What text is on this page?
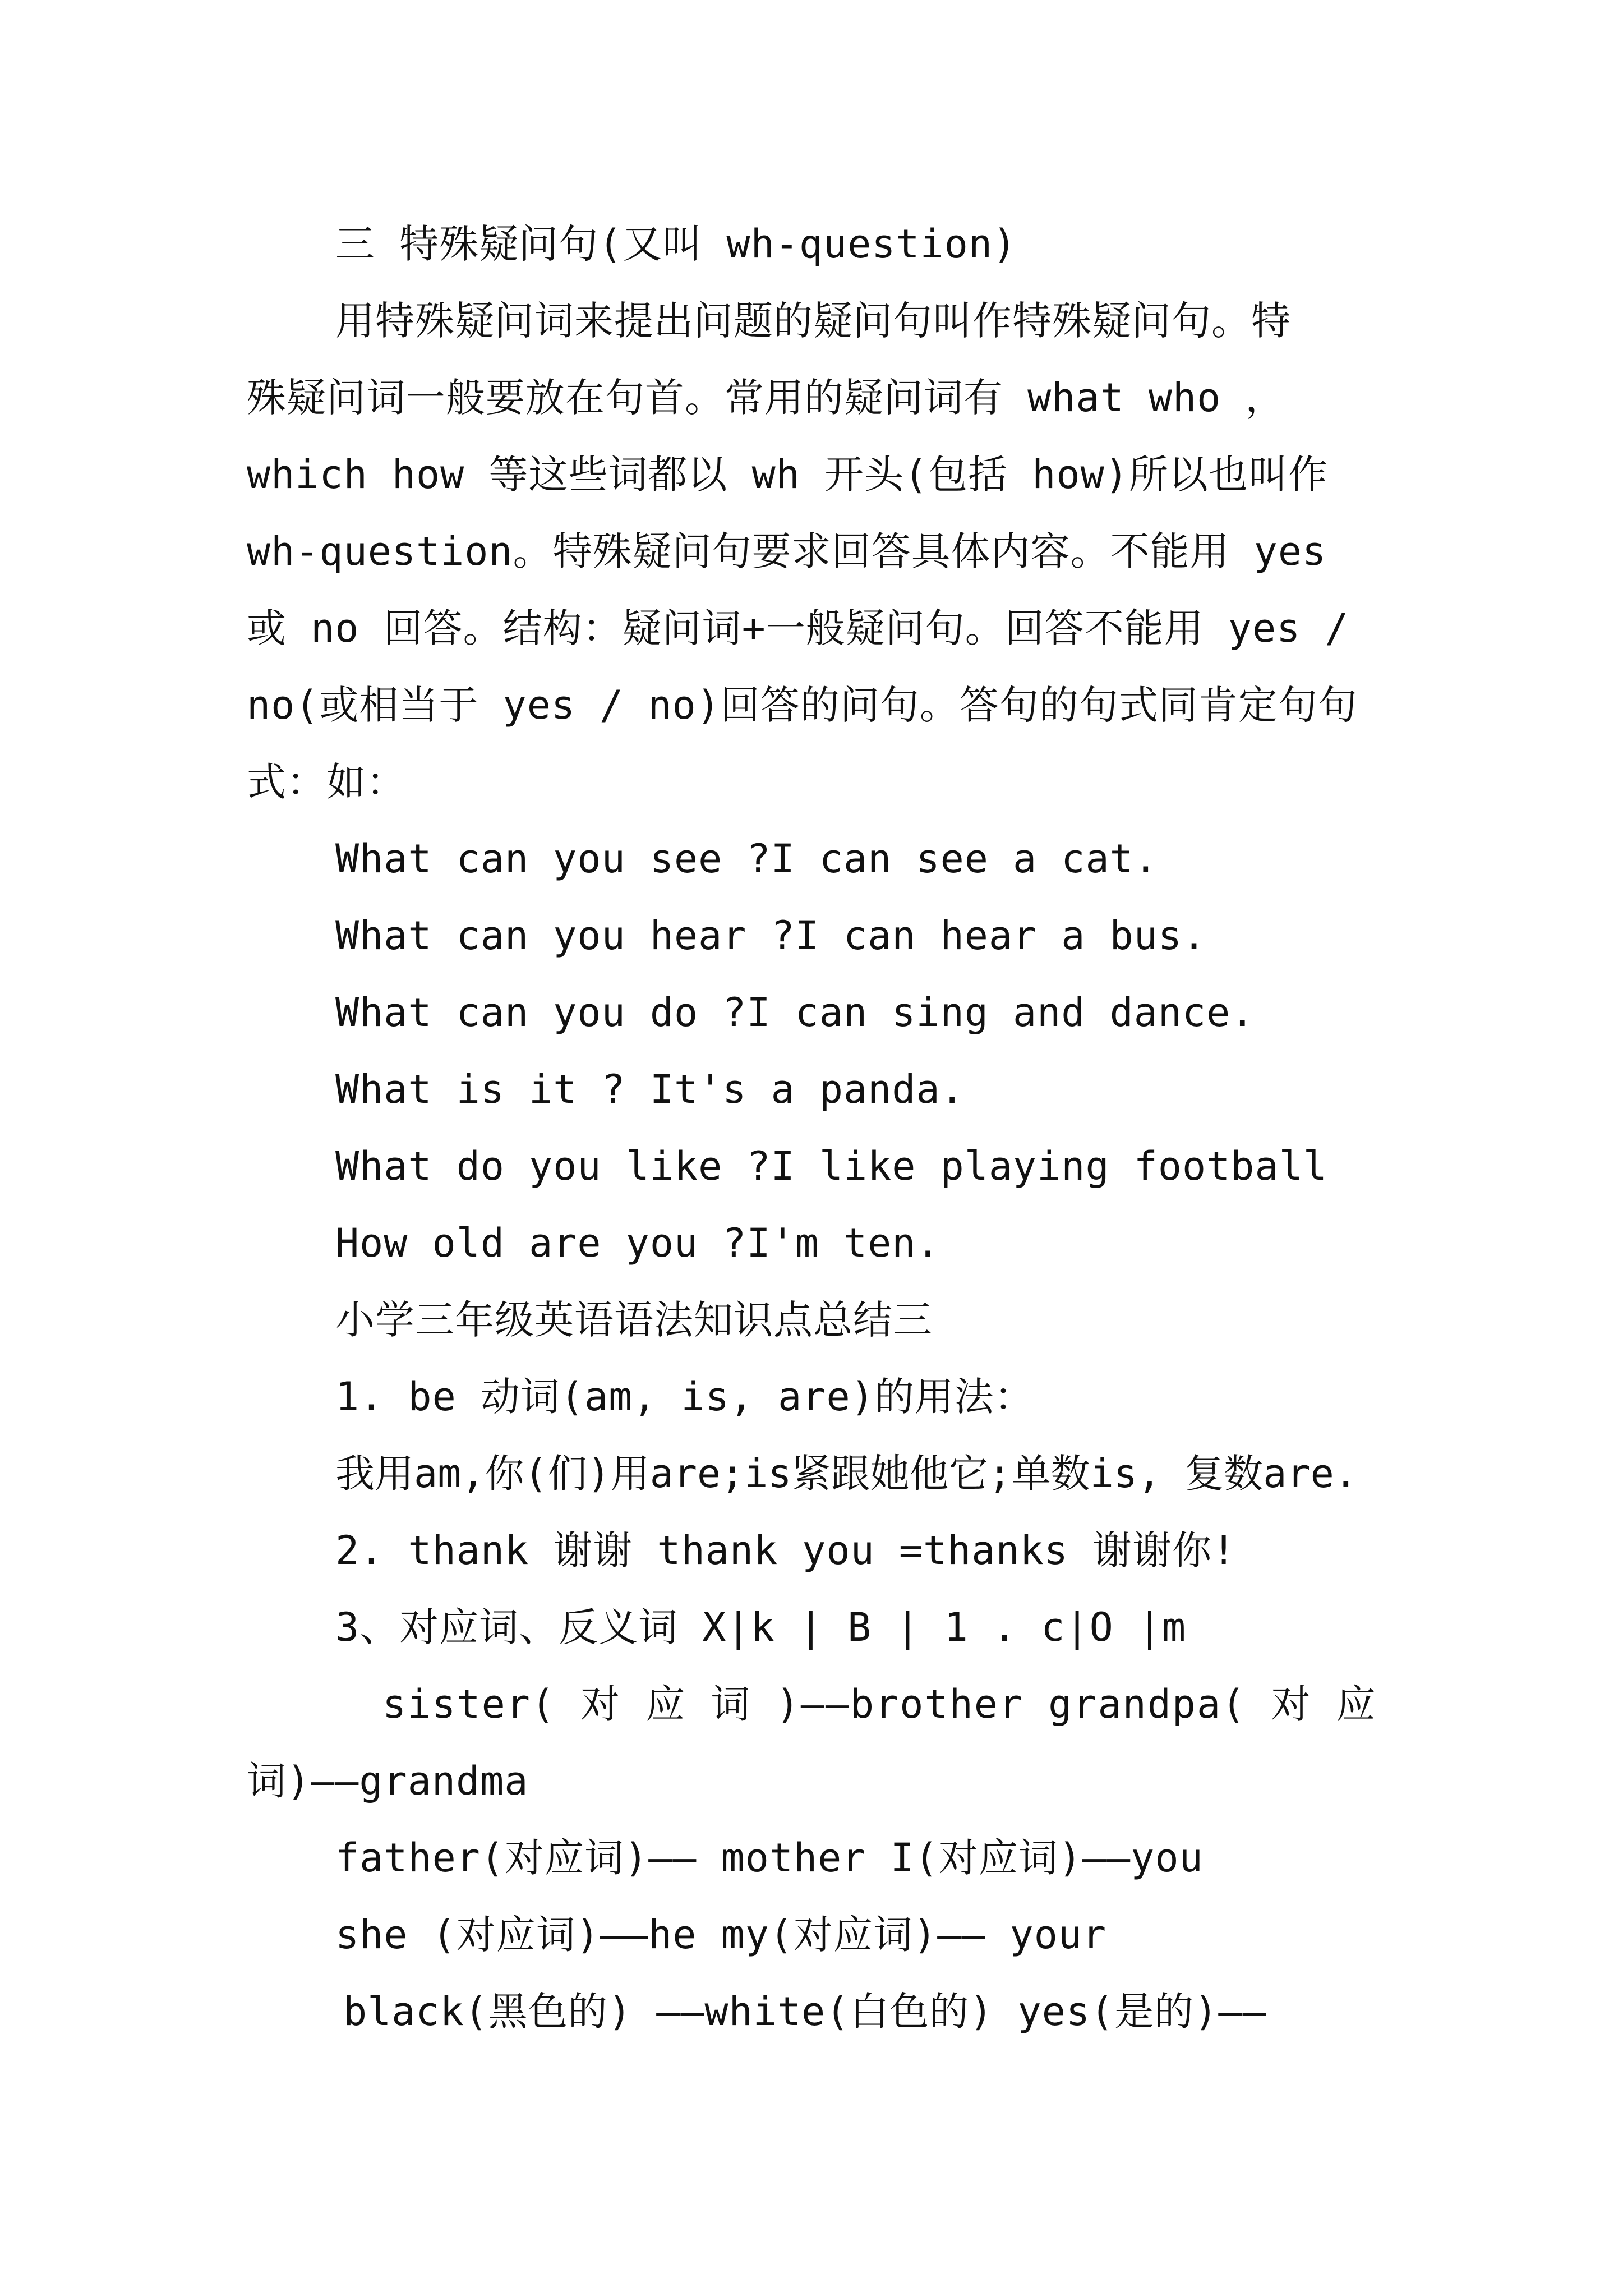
三 特殊疑问句(又叫 wh-question)
用特殊疑问词来提出问题的疑问句叫作特殊疑问句。特
殊疑问词一般要放在句首。常用的疑问词有 what who ，
which how 等这些词都以 wh 开头(包括 how)所以也叫作
wh-question。特殊疑问句要求回答具体内容。不能用 yes
或 no 回答。结构：疑问词+一般疑问句。回答不能用 yes /
no(或相当于 yes / no)回答的问句。答句的句式同肯定句句
式：如：
What can you see ?I can see a cat.
What can you hear ?I can hear a bus.
What can you do ?I can sing and dance.
What is it ? It's a panda.
What do you like ?I like playing football
How old are you ?I'm ten.
小学三年级英语语法知识点总结三
1. be 动词(am, is, are)的用法：
我用am,你(们)用are;is紧跟她他它;单数is, 复数are.
2. thank 谢谢 thank you =thanks 谢谢你!
3、对应词、反义词 X|k | B | 1 . c|O |m
sister( 对 应 词 )——brother grandpa( 对 应
词)——grandma
father(对应词)—— mother I(对应词)——you
she (对应词)——he my(对应词)—— your
black(黑色的) ——white(白色的) yes(是的)——
